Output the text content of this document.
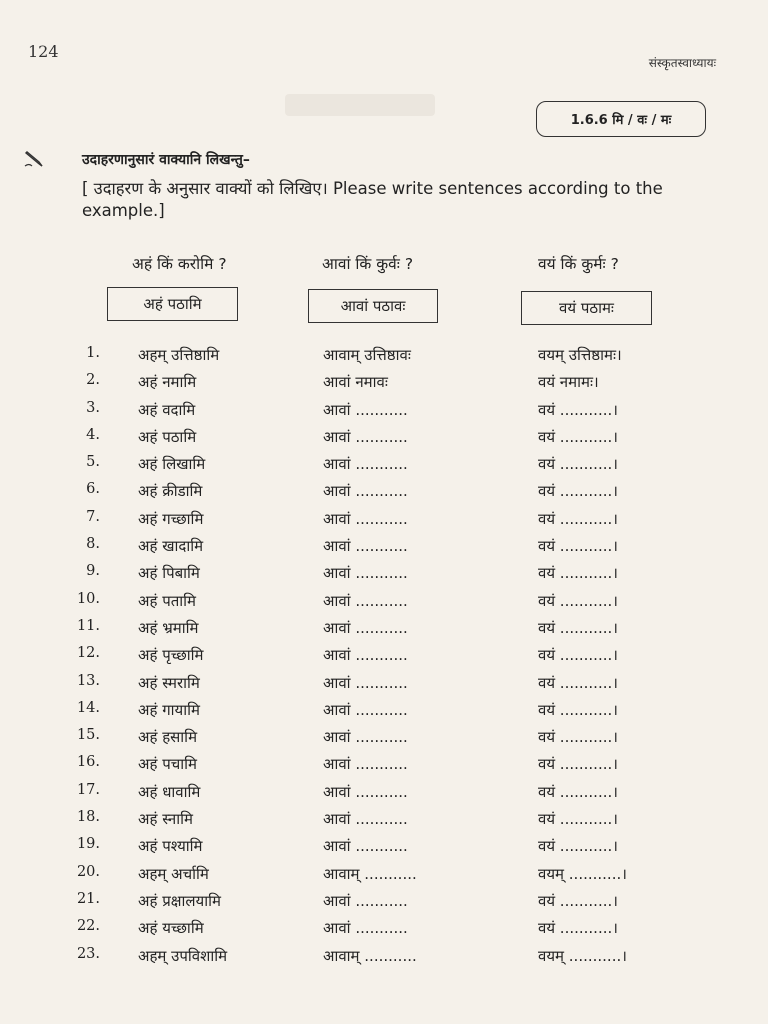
124
संस्कृतस्वाध्यायः
1.6.6 मि / वः / मः
उदाहरणानुसारं वाक्यानि लिखन्तु–
[ उदाहरण के अनुसार वाक्यों को लिखिए। Please write sentences according to the example.]
अहं किं करोमि ?	आवां किं कुर्वः ?	वयं किं कुर्मः ?
अहं पठामि	आवां पठावः	वयं पठामः
1.	अहम् उत्तिष्ठामि	आवाम् उत्तिष्ठावः	वयम् उत्तिष्ठामः।
2.	अहं नमामि	आवां नमावः	वयं नमामः।
3.	अहं वदामि	आवां ...........	वयं ...........।
4.	अहं पठामि	आवां ...........	वयं ...........।
5.	अहं लिखामि	आवां ...........	वयं ...........।
6.	अहं क्रीडामि	आवां ...........	वयं ...........।
7.	अहं गच्छामि	आवां ...........	वयं ...........।
8.	अहं खादामि	आवां ...........	वयं ...........।
9.	अहं पिबामि	आवां ...........	वयं ...........।
10.	अहं पतामि	आवां ...........	वयं ...........।
11.	अहं भ्रमामि	आवां ...........	वयं ...........।
12.	अहं पृच्छामि	आवां ...........	वयं ...........।
13.	अहं स्मरामि	आवां ...........	वयं ...........।
14.	अहं गायामि	आवां ...........	वयं ...........।
15.	अहं हसामि	आवां ...........	वयं ...........।
16.	अहं पचामि	आवां ...........	वयं ...........।
17.	अहं धावामि	आवां ...........	वयं ...........।
18.	अहं स्नामि	आवां ...........	वयं ...........।
19.	अहं पश्यामि	आवां ...........	वयं ...........।
20.	अहम् अर्चामि	आवाम् ...........	वयम् ...........।
21.	अहं प्रक्षालयामि	आवां ...........	वयं ...........।
22.	अहं यच्छामि	आवां ...........	वयं ...........।
23.	अहम् उपविशामि	आवाम् ...........	वयम् ...........।
